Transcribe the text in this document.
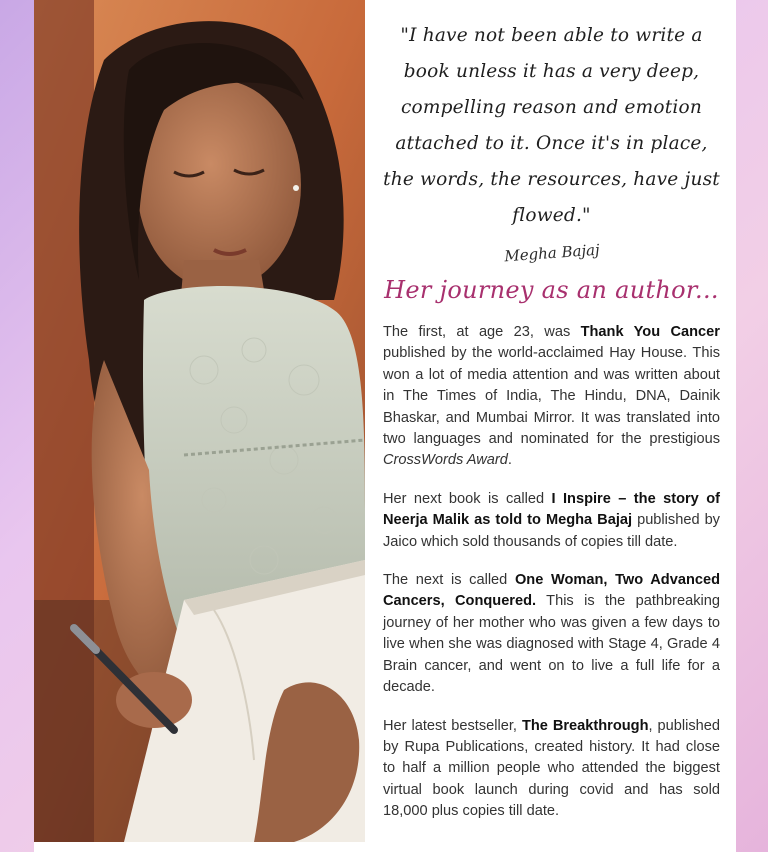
"I have not been able to write a book unless it has a very deep, compelling reason and emotion attached to it. Once it's in place, the words, the resources, have just flowed."
Megha Bajaj
Her journey as an author...

The first, at age 23, was Thank You Cancer published by the world-acclaimed Hay House. This won a lot of media attention and was written about in The Times of India, The Hindu, DNA, Dainik Bhaskar, and Mumbai Mirror. It was translated into two languages and nominated for the prestigious CrossWords Award.

Her next book is called I Inspire – the story of Neerja Malik as told to Megha Bajaj published by Jaico which sold thousands of copies till date.

The next is called One Woman, Two Advanced Cancers, Conquered. This is the pathbreaking journey of her mother who was given a few days to live when she was diagnosed with Stage 4, Grade 4 Brain cancer, and went on to live a full life for a decade.

Her latest bestseller, The Breakthrough, published by Rupa Publications, created history. It had close to half a million people who attended the biggest virtual book launch during covid and has sold 18,000 plus copies till date.
